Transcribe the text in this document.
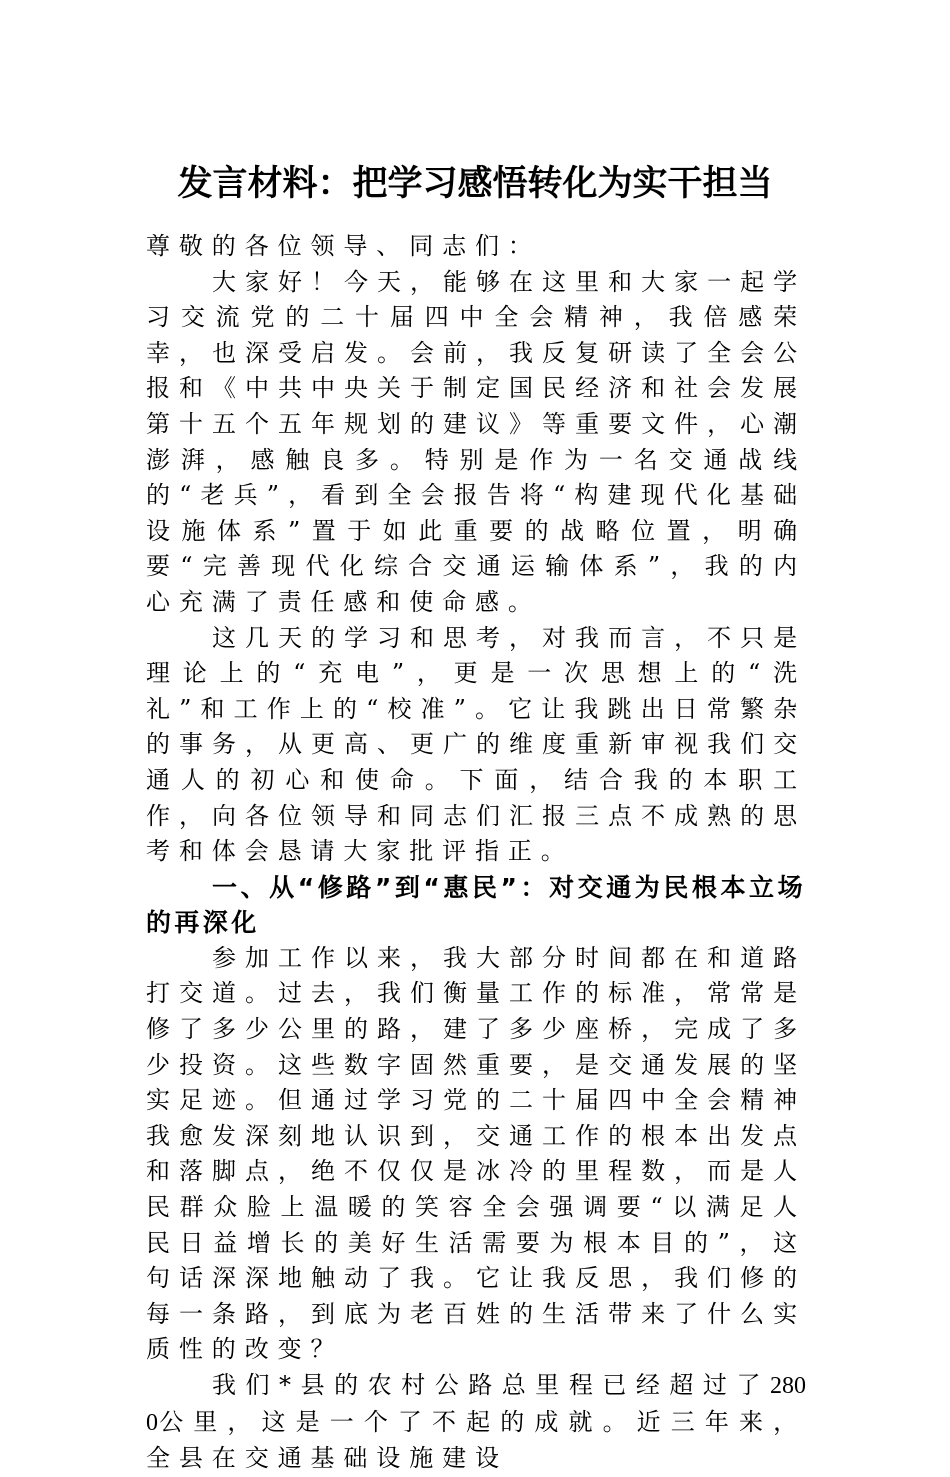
发言材料：把学习感悟转化为实干担当

尊敬的各位领导、同志们：

大家好！今天，能够在这里和大家一起学习交流党的二十届四中全会精神，我倍感荣幸，也深受启发。会前，我反复研读了全会公报和《中共中央关于制定国民经济和社会发展第十五个五年规划的建议》等重要文件，心潮澎湃，感触良多。特别是作为一名交通战线的“老兵”，看到全会报告将“构建现代化基础设施体系”置于如此重要的战略位置，明确要“完善现代化综合交通运输体系”，我的内心充满了责任感和使命感。

这几天的学习和思考，对我而言，不只是理论上的“充电”，更是一次思想上的“洗礼”和工作上的“校准”。它让我跳出日常繁杂的事务，从更高、更广的维度重新审视我们交通人的初心和使命。下面，结合我的本职工作，向各位领导和同志们汇报三点不成熟的思考和体会恳请大家批评指正。

一、从“修路”到“惠民”：对交通为民根本立场的再深化

参加工作以来，我大部分时间都在和道路打交道。过去，我们衡量工作的标准，常常是修了多少公里的路，建了多少座桥，完成了多少投资。这些数字固然重要，是交通发展的坚实足迹。但通过学习党的二十届四中全会精神我愈发深刻地认识到，交通工作的根本出发点和落脚点，绝不仅仅是冰冷的里程数，而是人民群众脸上温暖的笑容全会强调要“以满足人民日益增长的美好生活需要为根本目的”，这句话深深地触动了我。它让我反思，我们修的每一条路，到底为老百姓的生活带来了什么实质性的改变？

我们*县的农村公路总里程已经超过了2800公里，这是一个了不起的成就。近三年来，全县在交通基础设施建设
